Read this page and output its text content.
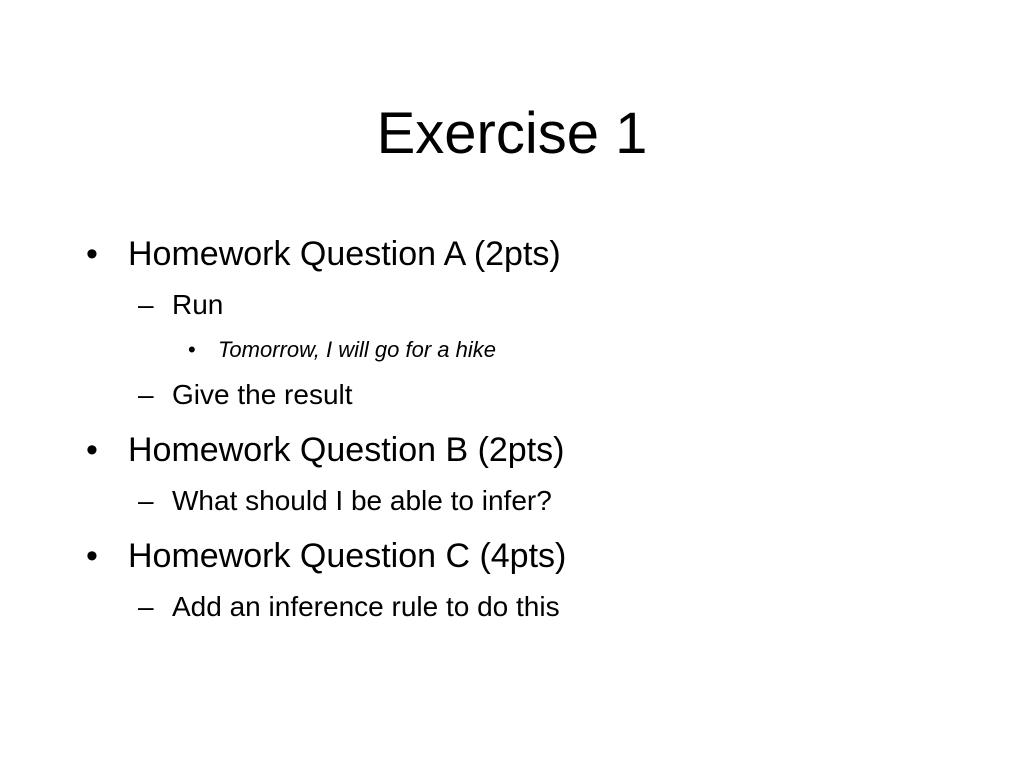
Exercise 1
• Homework Question A (2pts)
– Run
• Tomorrow, I will go for a hike
– Give the result
• Homework Question B (2pts)
– What should I be able to infer?
• Homework Question C (4pts)
– Add an inference rule to do this
